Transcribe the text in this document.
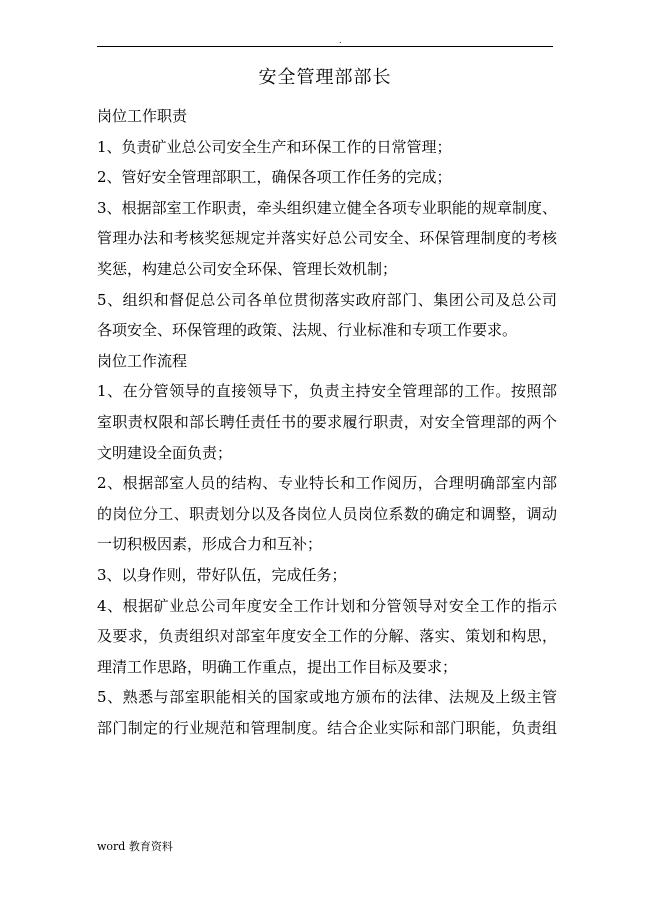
.
安全管理部部长
岗位工作职责
1、负责矿业总公司安全生产和环保工作的日常管理；
2、管好安全管理部职工，确保各项工作任务的完成；
3、根据部室工作职责，牵头组织建立健全各项专业职能的规章制度、
管理办法和考核奖惩规定并落实好总公司安全、环保管理制度的考核
奖惩，构建总公司安全环保、管理长效机制；
5、组织和督促总公司各单位贯彻落实政府部门、集团公司及总公司
各项安全、环保管理的政策、法规、行业标准和专项工作要求。
岗位工作流程
1、在分管领导的直接领导下，负责主持安全管理部的工作。按照部
室职责权限和部长聘任责任书的要求履行职责，对安全管理部的两个
文明建设全面负责；
2、根据部室人员的结构、专业特长和工作阅历，合理明确部室内部
的岗位分工、职责划分以及各岗位人员岗位系数的确定和调整，调动
一切积极因素，形成合力和互补；
3、以身作则，带好队伍，完成任务；
4、根据矿业总公司年度安全工作计划和分管领导对安全工作的指示
及要求，负责组织对部室年度安全工作的分解、落实、策划和构思，
理清工作思路，明确工作重点，提出工作目标及要求；
5、熟悉与部室职能相关的国家或地方颁布的法律、法规及上级主管
部门制定的行业规范和管理制度。结合企业实际和部门职能，负责组
word 教育资料
